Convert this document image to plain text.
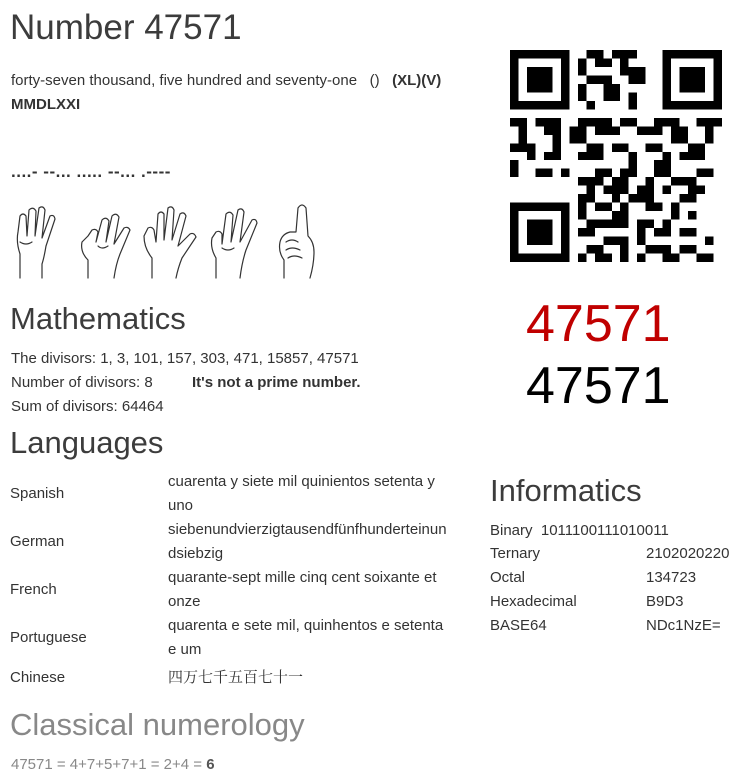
Number 47571
forty-seven thousand, five hundred and seventy-one () (XL)(V)
MMDLXXI
....- --... ..... --... .----
47571
47571
Mathematics
The divisors: 1, 3, 101, 157, 303, 471, 15857, 47571
Number of divisors: 8	It's not a prime number.
Sum of divisors: 64464
Languages
Spanish	cuarenta y siete mil quinientos setenta y
uno
German	siebenundvierzigtausendfünfhunderteinun
dsiebzig
French	quarante-sept mille cinq cent soixante et
onze
Portuguese	quarenta e sete mil, quinhentos e setenta
e um
Chinese	四万七千五百七十一
Informatics
Binary 1011100111010011
Ternary	2102020220
Octal	134723
Hexadecimal	B9D3
BASE64	NDc1NzE=
Classical numerology
47571 = 4+7+5+7+1 = 2+4 = 6
